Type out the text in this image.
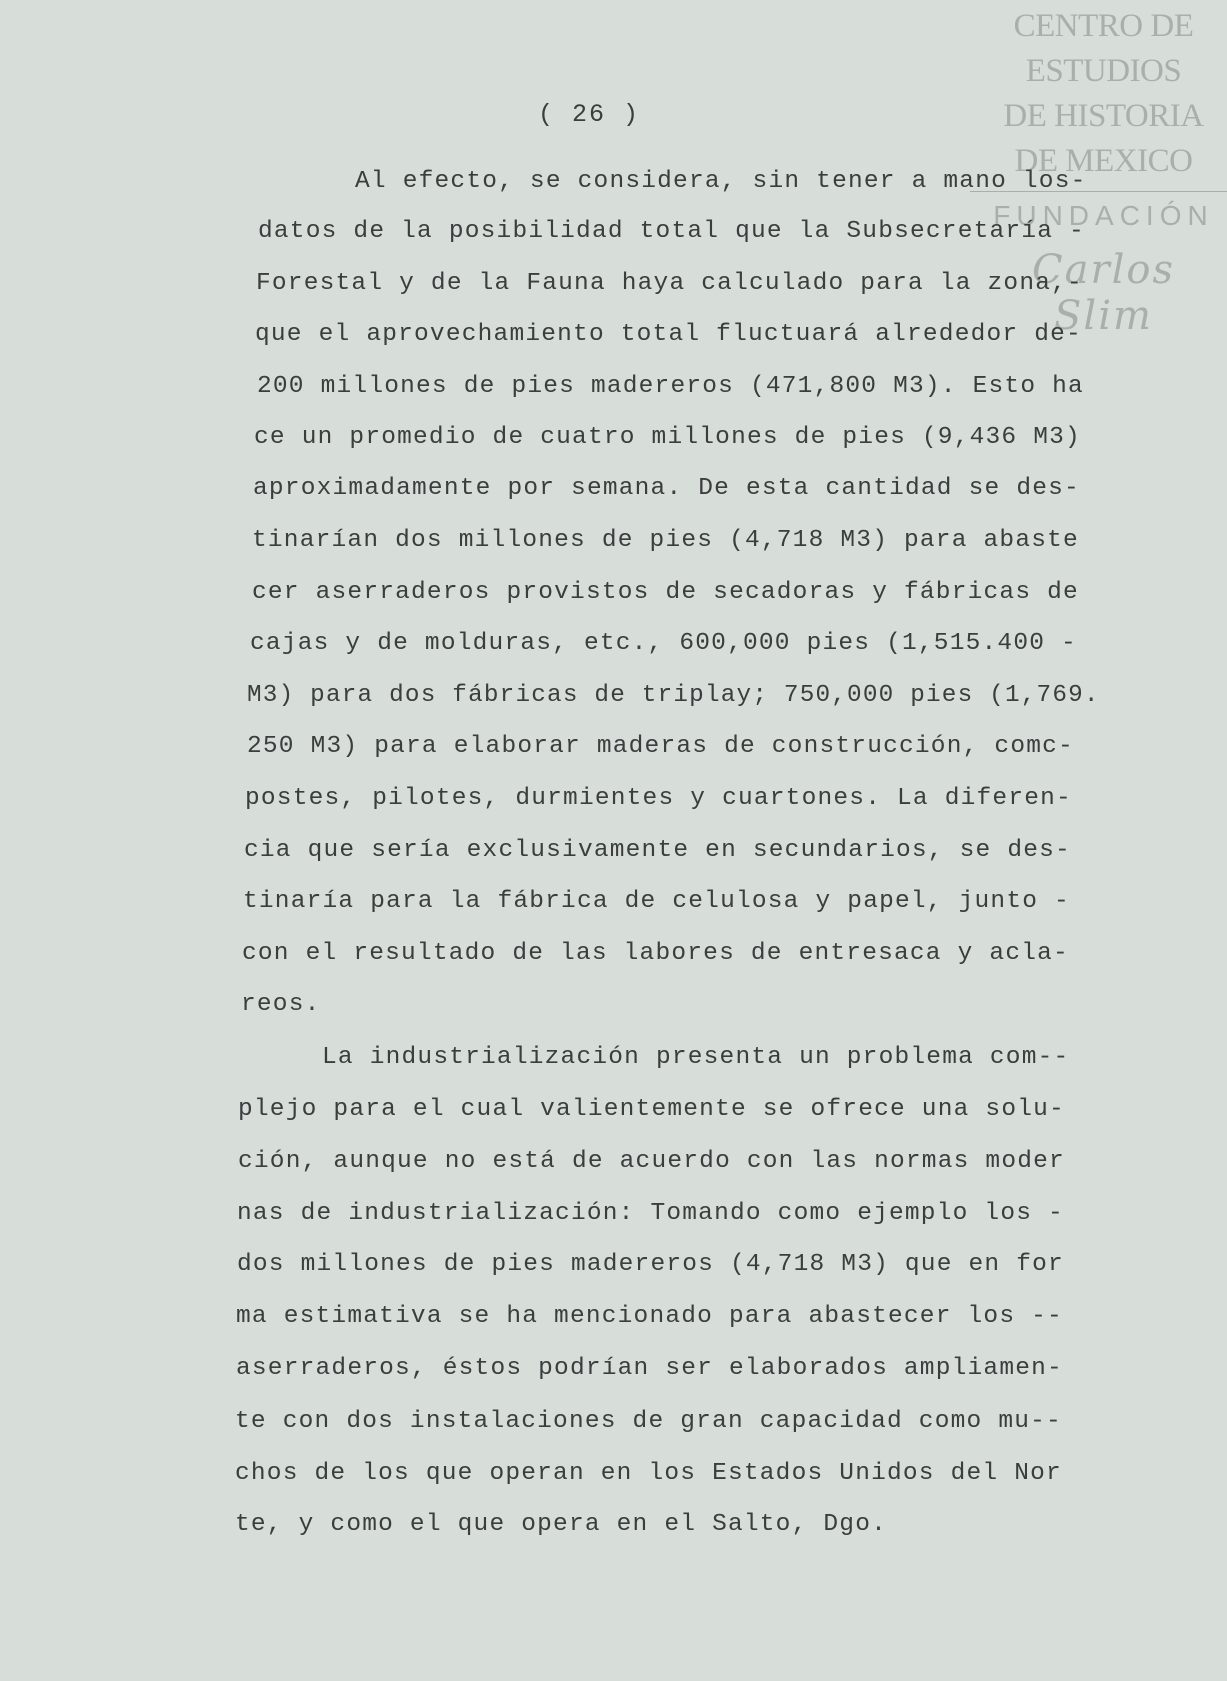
CENTRO DE
ESTUDIOS
DE HISTORIA
DE MEXICO
FUNDACIÓN
Carlos Slim
( 26 )
Al efecto, se considera, sin tener a mano los-
datos de la posibilidad total que la Subsecretaría -
Forestal y de la Fauna haya calculado para la zona,-
que el aprovechamiento total fluctuará alrededor de-
200 millones de pies madereros (471,800 M3). Esto ha
ce un promedio de cuatro millones de pies (9,436 M3)
aproximadamente por semana. De esta cantidad se des-
tinarían dos millones de pies (4,718 M3) para abaste
cer aserraderos provistos de secadoras y fábricas de
cajas y de molduras, etc., 600,000 pies (1,515.400 -
M3) para dos fábricas de triplay; 750,000 pies (1,769.
250 M3) para elaborar maderas de construcción, comc-
postes, pilotes, durmientes y cuartones. La diferen-
cia que sería exclusivamente en secundarios, se des-
tinaría para la fábrica de celulosa y papel, junto -
con el resultado de las labores de entresaca y acla-
reos.
La industrialización presenta un problema com--
plejo para el cual valientemente se ofrece una solu-
ción, aunque no está de acuerdo con las normas moder
nas de industrialización: Tomando como ejemplo los -
dos millones de pies madereros (4,718 M3) que en for
ma estimativa se ha mencionado para abastecer los --
aserraderos, éstos podrían ser elaborados ampliamen-
te con dos instalaciones de gran capacidad como mu--
chos de los que operan en los Estados Unidos del Nor
te, y como el que opera en el Salto, Dgo.
